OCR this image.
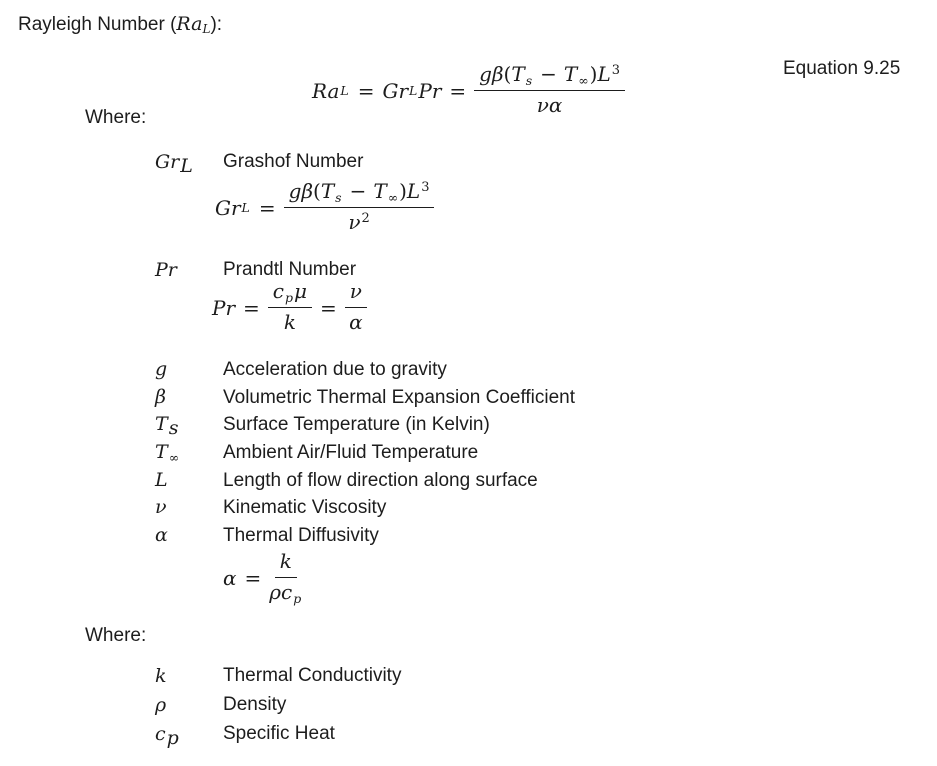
Rayleigh Number $(Ra_L)$:
Ra L = Gr L $Pr = \frac{g\beta(T_s - T_\infty)L^3}{\nu\alpha}$	Equation 9.25
Where:
$Gr_L$	Grashof Number
Gr $L = \frac{g\beta(T_s - T_\infty)L^3}{\nu^2}$
Pr	Prandtl Number
$Pr = \frac{c_p\mu}{k} = \frac{\nu}{\alpha}$
g	Acceleration due to gravity
β	Volumetric Thermal Expansion Coefficient
$T_s$	Surface Temperature (in Kelvin)
$T_\infty$	Ambient Air/Fluid Temperature
L	Length of flow direction along surface
ν	Kinematic Viscosity
α	Thermal Diffusivity
$\alpha = \frac{k}{\rho c_p}$
Where:
k	Thermal Conductivity
ρ	Density
$c_p$	Specific Heat
